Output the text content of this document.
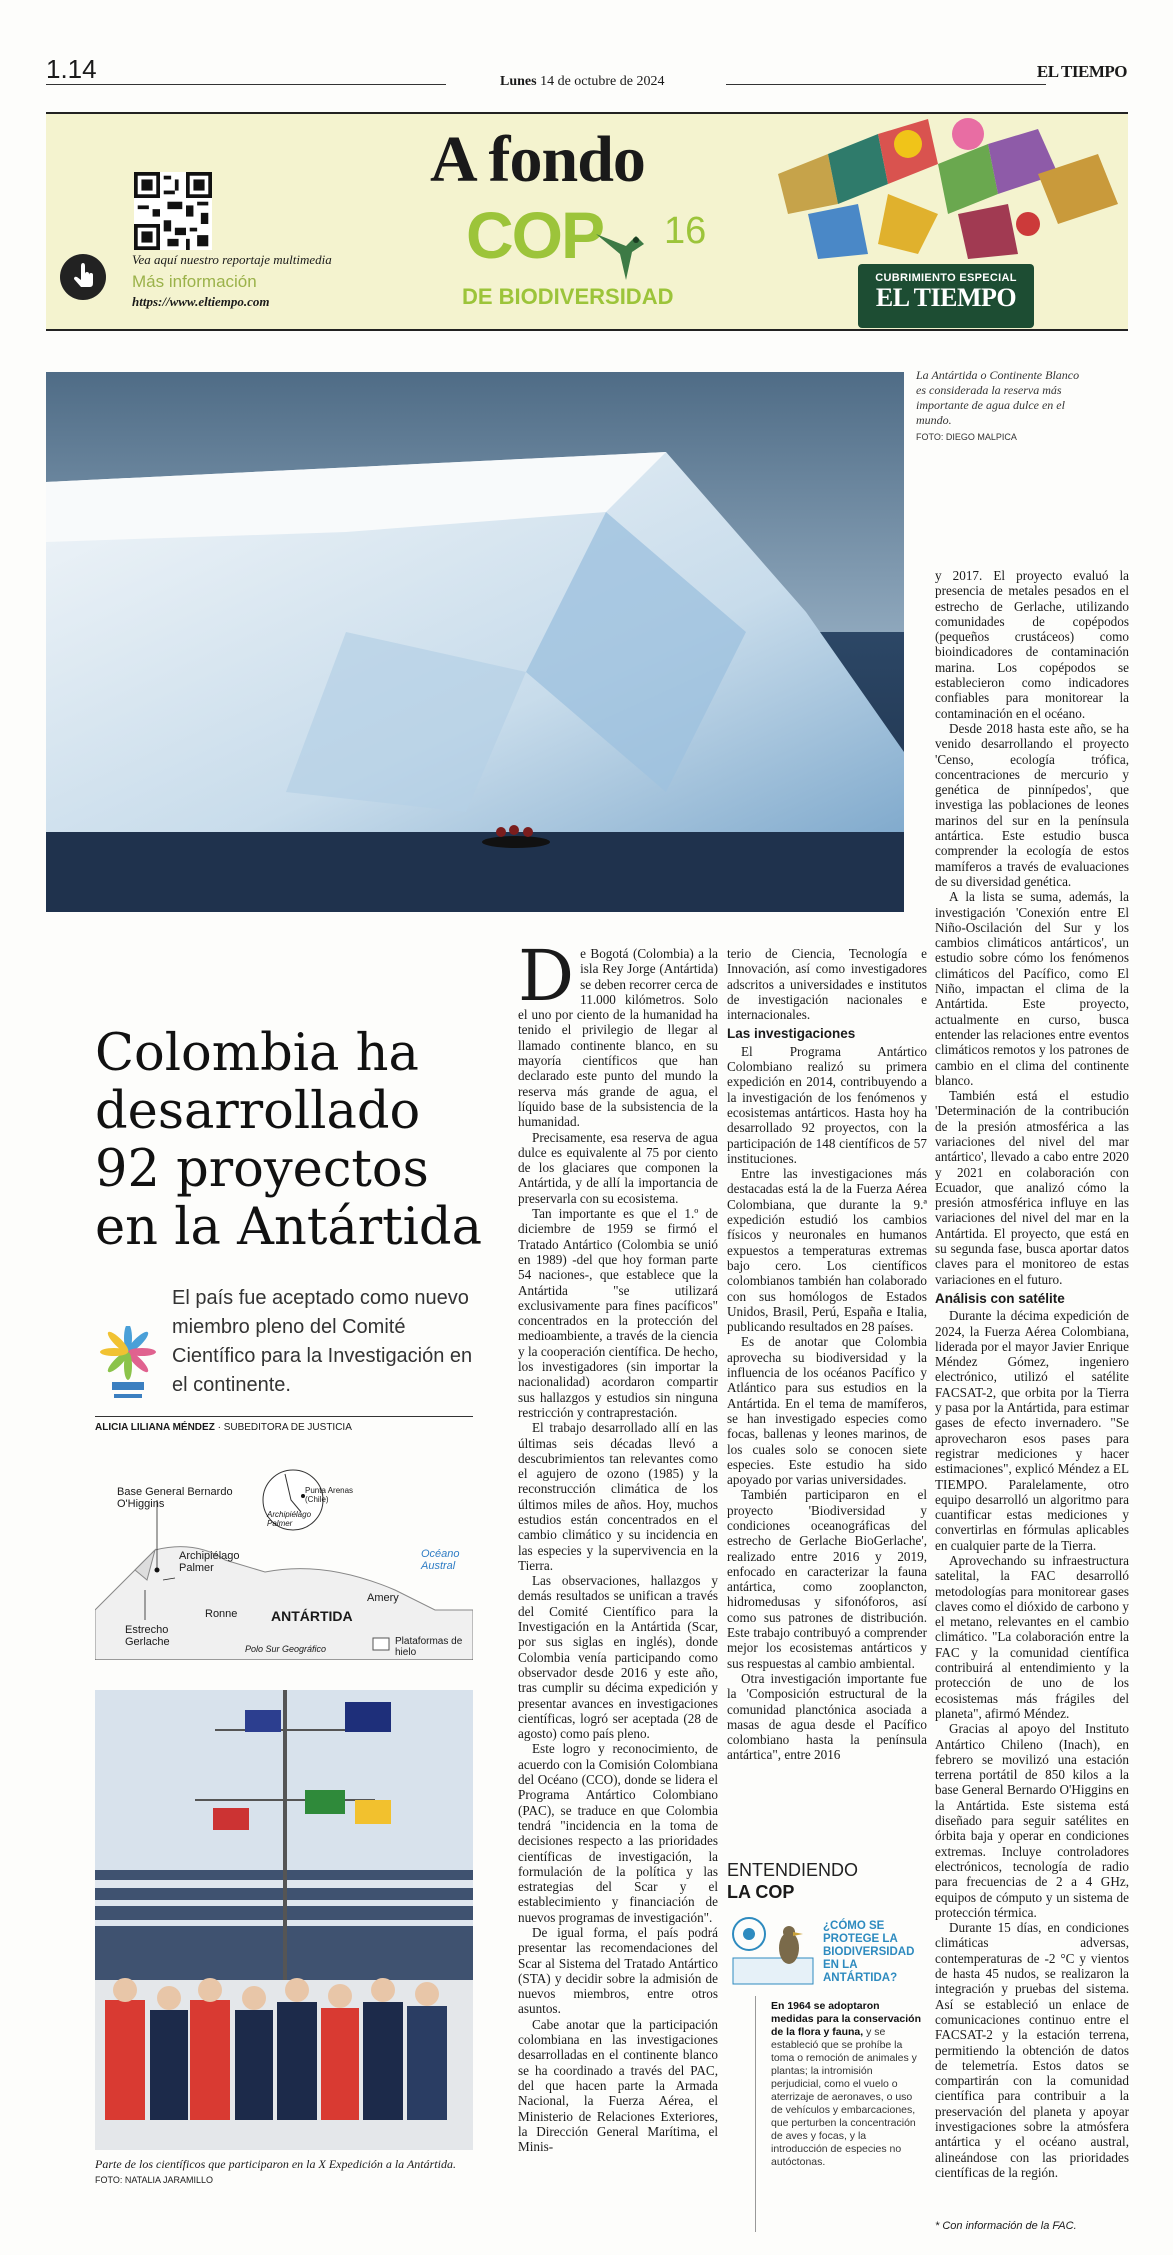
1.14	Lunes 14 de octubre de 2024
EL TIEMPO
Vea aquí nuestro reportaje multimedia
Más información
https://www.eltiempo.com
A fondo
COP 16
DE BIODIVERSIDAD
CUBRIMIENTO ESPECIAL
EL TIEMPO
La Antártida o Continente Blanco es considerada la reserva más importante de agua dulce en el mundo.
FOTO: DIEGO MALPICA
Colombia ha desarrollado 92 proyectos en la Antártida
El país fue aceptado como nuevo miembro pleno del Comité Científico para la Investigación en el continente.
ALICIA LILIANA MÉNDEZ · SUBEDITORA DE JUSTICIA
Base General Bernardo O'Higgins
Archipiélago Palmer
Estrecho Gerlache
Ronne ANTÁRTIDA
Amery
Océano Austral
Polo Sur Geográfico
Plataformas de hielo
Punta Arenas (Chile)
Archipiélago Palmer
Parte de los científicos que participaron en la X Expedición a la Antártida. FOTO: NATALIA JARAMILLO
D e Bogotá (Colombia) a la isla Rey Jorge (Antártida) se deben recorrer cerca de 11.000 kilómetros. Solo el uno por ciento de la humanidad ha tenido el privilegio de llegar al llamado continente blanco, en su mayoría científicos que han declarado este punto del mundo la reserva más grande de agua, el líquido base de la subsistencia de la humanidad.

Precisamente, esa reserva de agua dulce es equivalente al 75 por ciento de los glaciares que componen la Antártida, y de allí la importancia de preservarla con su ecosistema.

Tan importante es que el 1.º de diciembre de 1959 se firmó el Tratado Antártico (Colombia se unió en 1989) -del que hoy forman parte 54 naciones-, que establece que la Antártida "se utilizará exclusivamente para fines pacíficos" concentrados en la protección del medioambiente, a través de la ciencia y la cooperación científica. De hecho, los investigadores (sin importar la nacionalidad) acordaron compartir sus hallazgos y estudios sin ninguna restricción y contraprestación.

El trabajo desarrollado allí en las últimas seis décadas llevó a descubrimientos tan relevantes como el agujero de ozono (1985) y la reconstrucción climática de los últimos miles de años. Hoy, muchos estudios están concentrados en el cambio climático y su incidencia en las especies y la supervivencia en la Tierra.

Las observaciones, hallazgos y demás resultados se unifican a través del Comité Científico para la Investigación en la Antártida (Scar, por sus siglas en inglés), donde Colombia venía participando como observador desde 2016 y este año, tras cumplir su décima expedición y presentar avances en investigaciones científicas, logró ser aceptada (28 de agosto) como país pleno.

Este logro y reconocimiento, de acuerdo con la Comisión Colombiana del Océano (CCO), donde se lidera el Programa Antártico Colombiano (PAC), se traduce en que Colombia tendrá "incidencia en la toma de decisiones respecto a las prioridades científicas de investigación, la formulación de la política y las estrategias del Scar y el establecimiento y financiación de nuevos programas de investigación".

De igual forma, el país podrá presentar las recomendaciones del Scar al Sistema del Tratado Antártico (STA) y decidir sobre la admisión de nuevos miembros, entre otros asuntos.

Cabe anotar que la participación colombiana en las investigaciones desarrolladas en el continente blanco se ha coordinado a través del PAC, del que hacen parte la Armada Nacional, la Fuerza Aérea, el Ministerio de Relaciones Exteriores, la Dirección General Marítima, el Minis-

terio de Ciencia, Tecnología e Innovación, así como investigadores adscritos a universidades e institutos de investigación nacionales e internacionales.

Las investigaciones

El Programa Antártico Colombiano realizó su primera expedición en 2014, contribuyendo a la investigación de los fenómenos y ecosistemas antárticos. Hasta hoy ha desarrollado 92 proyectos, con la participación de 148 científicos de 57 instituciones.

Entre las investigaciones más destacadas está la de la Fuerza Aérea Colombiana, que durante la 9.ª expedición estudió los cambios físicos y neuronales en humanos expuestos a temperaturas extremas bajo cero. Los científicos colombianos también han colaborado con sus homólogos de Estados Unidos, Brasil, Perú, España e Italia, publicando resultados en 28 países.

Es de anotar que Colombia aprovecha su biodiversidad y la influencia de los océanos Pacífico y Atlántico para sus estudios en la Antártida. En el tema de mamíferos, se han investigado especies como focas, ballenas y leones marinos, de los cuales solo se conocen siete especies. Este estudio ha sido apoyado por varias universidades.

También participaron en el proyecto 'Biodiversidad y condiciones oceanográficas del estrecho de Gerlache BioGerlache', realizado entre 2016 y 2019, enfocado en caracterizar la fauna antártica, como zooplancton, hidromedusas y sifonóforos, así como sus patrones de distribución. Este trabajo contribuyó a comprender mejor los ecosistemas antárticos y sus respuestas al cambio ambiental.

Otra investigación importante fue la 'Composición estructural de la comunidad planctónica asociada a masas de agua desde el Pacífico colombiano hasta la península antártica", entre 2016

ENTENDIENDO
LA COP
¿CÓMO SE PROTEGE LA BIODIVERSIDAD EN LA ANTÁRTIDA?
En 1964 se adoptaron medidas para la conservación de la flora y fauna, y se estableció que se prohíbe la toma o remoción de animales y plantas; la intromisión perjudicial, como el vuelo o aterrizaje de aeronaves, o uso de vehículos y embarcaciones, que perturben la concentración de aves y focas, y la introducción de especies no autóctonas.

y 2017. El proyecto evaluó la presencia de metales pesados en el estrecho de Gerlache, utilizando comunidades de copépodos (pequeños crustáceos) como bioindicadores de contaminación marina. Los copépodos se establecieron como indicadores confiables para monitorear la contaminación en el océano.

Desde 2018 hasta este año, se ha venido desarrollando el proyecto 'Censo, ecología trófica, concentraciones de mercurio y genética de pinnípedos', que investiga las poblaciones de leones marinos del sur en la península antártica. Este estudio busca comprender la ecología de estos mamíferos a través de evaluaciones de su diversidad genética.

A la lista se suma, además, la investigación 'Conexión entre El Niño-Oscilación del Sur y los cambios climáticos antárticos', un estudio sobre cómo los fenómenos climáticos del Pacífico, como El Niño, impactan el clima de la Antártida. Este proyecto, actualmente en curso, busca entender las relaciones entre eventos climáticos remotos y los patrones de cambio en el clima del continente blanco.

También está el estudio 'Determinación de la contribución de la presión atmosférica a las variaciones del nivel del mar antártico', llevado a cabo entre 2020 y 2021 en colaboración con Ecuador, que analizó cómo la presión atmosférica influye en las variaciones del nivel del mar en la Antártida. El proyecto, que está en su segunda fase, busca aportar datos claves para el monitoreo de estas variaciones en el futuro.

Análisis con satélite

Durante la décima expedición de 2024, la Fuerza Aérea Colombiana, liderada por el mayor Javier Enrique Méndez Gómez, ingeniero electrónico, utilizó el satélite FACSAT-2, que orbita por la Tierra y pasa por la Antártida, para estimar gases de efecto invernadero. "Se aprovecharon esos pases para registrar mediciones y hacer estimaciones", explicó Méndez a EL TIEMPO. Paralelamente, otro equipo desarrolló un algoritmo para cuantificar estas mediciones y convertirlas en fórmulas aplicables en cualquier parte de la Tierra.

Aprovechando su infraestructura satelital, la FAC desarrolló metodologías para monitorear gases claves como el dióxido de carbono y el metano, relevantes en el cambio climático. "La colaboración entre la FAC y la comunidad científica contribuirá al entendimiento y la protección de uno de los ecosistemas más frágiles del planeta", afirmó Méndez.

Gracias al apoyo del Instituto Antártico Chileno (Inach), en febrero se movilizó una estación terrena portátil de 850 kilos a la base General Bernardo O'Higgins en la Antártida. Este sistema está diseñado para seguir satélites en órbita baja y operar en condiciones extremas. Incluye controladores electrónicos, tecnología de radio para frecuencias de 2 a 4 GHz, equipos de cómputo y un sistema de protección térmica.

Durante 15 días, en condiciones climáticas adversas, contemperaturas de -2 °C y vientos de hasta 45 nudos, se realizaron la integración y pruebas del sistema. Así se estableció un enlace de comunicaciones continuo entre el FACSAT-2 y la estación terrena, permitiendo la obtención de datos de telemetría. Estos datos se compartirán con la comunidad científica para contribuir a la preservación del planeta y apoyar investigaciones sobre la atmósfera antártica y el océano austral, alineándose con las prioridades científicas de la región.

* Con información de la FAC.
